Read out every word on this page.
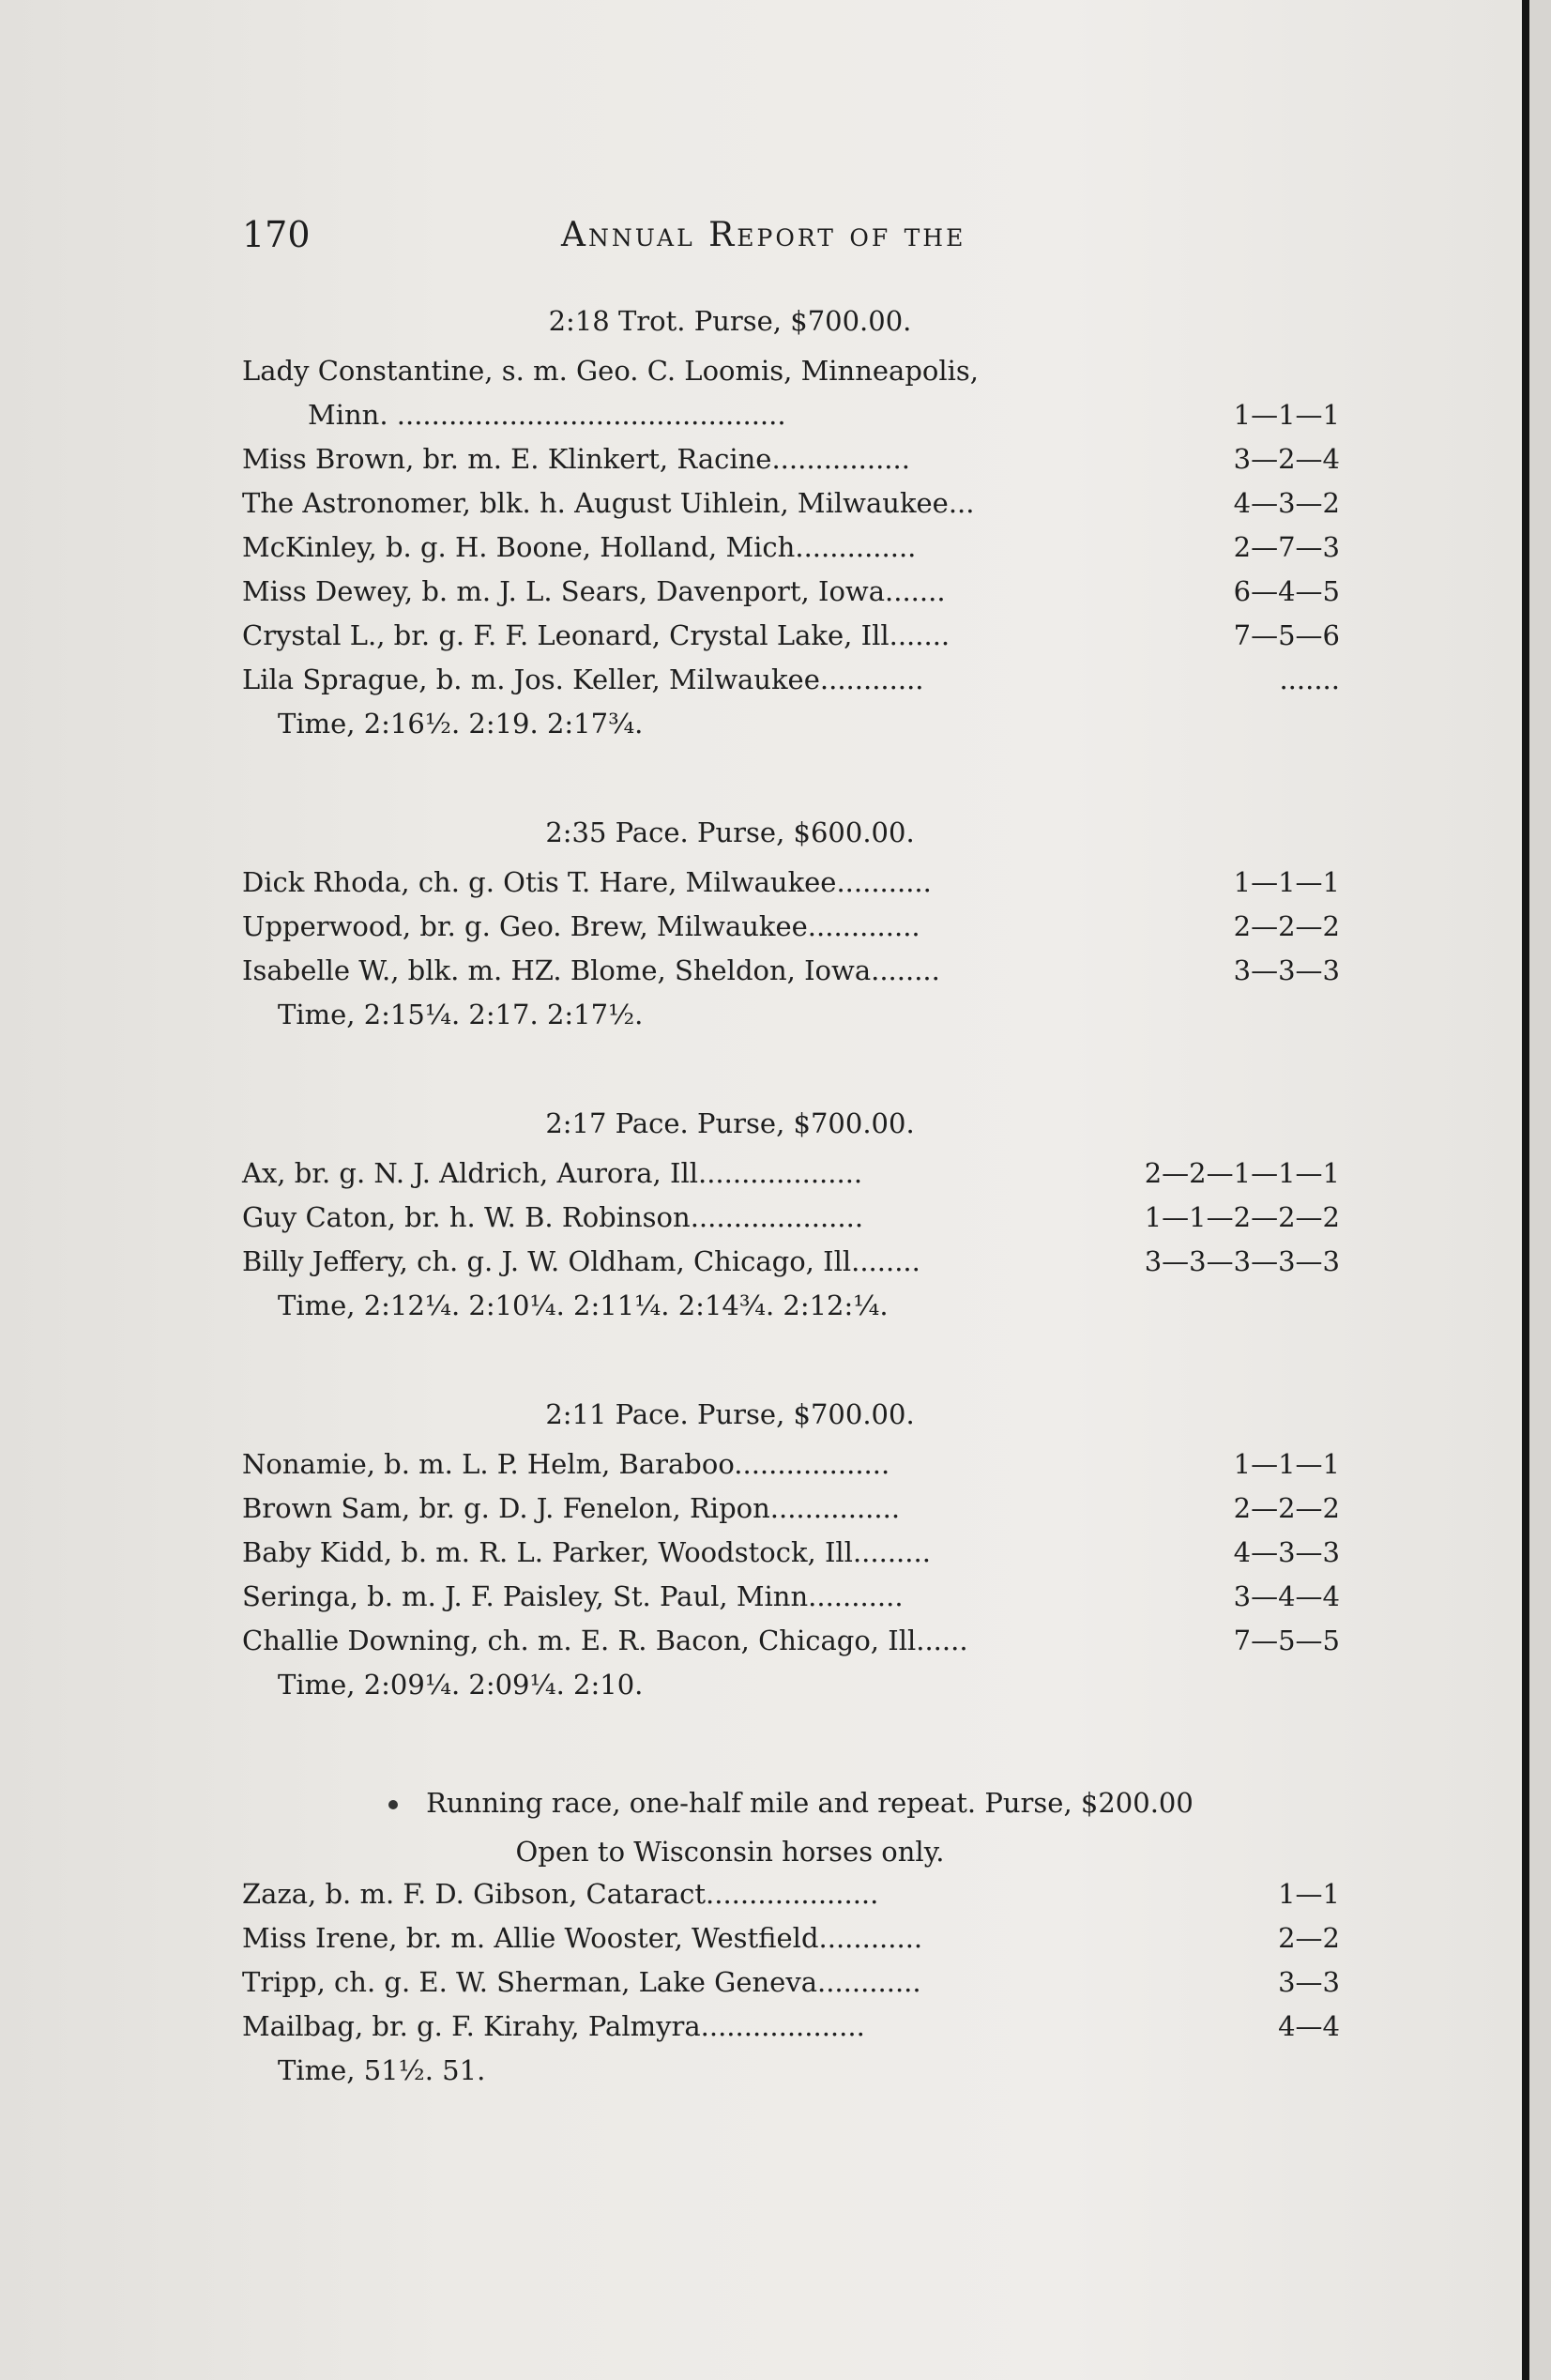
170	Annual Report of the
2:18 Trot. Purse, $700.00.
Lady Constantine, s. m. Geo. C. Loomis, Minneapolis,
Minn. .............................................	1—1—1
Miss Brown, br. m. E. Klinkert, Racine................	3—2—4
The Astronomer, blk. h. August Uihlein, Milwaukee...	4—3—2
McKinley, b. g. H. Boone, Holland, Mich..............	2—7—3
Miss Dewey, b. m. J. L. Sears, Davenport, Iowa.......	6—4—5
Crystal L., br. g. F. F. Leonard, Crystal Lake, Ill.......	7—5—6
Lila Sprague, b. m. Jos. Keller, Milwaukee............	.......
Time, 2:16½. 2:19. 2:17¾.
2:35 Pace. Purse, $600.00.
Dick Rhoda, ch. g. Otis T. Hare, Milwaukee...........	1—1—1
Upperwood, br. g. Geo. Brew, Milwaukee.............	2—2—2
Isabelle W., blk. m. HZ. Blome, Sheldon, Iowa........	3—3—3
Time, 2:15¼. 2:17. 2:17½.
2:17 Pace. Purse, $700.00.
Ax, br. g. N. J. Aldrich, Aurora, Ill...................	2—2—1—1—1
Guy Caton, br. h. W. B. Robinson....................	1—1—2—2—2
Billy Jeffery, ch. g. J. W. Oldham, Chicago, Ill........	3—3—3—3—3
Time, 2:12¼. 2:10¼. 2:11¼. 2:14¾. 2:12:¼.
2:11 Pace. Purse, $700.00.
Nonamie, b. m. L. P. Helm, Baraboo..................	1—1—1
Brown Sam, br. g. D. J. Fenelon, Ripon...............	2—2—2
Baby Kidd, b. m. R. L. Parker, Woodstock, Ill.........	4—3—3
Seringa, b. m. J. F. Paisley, St. Paul, Minn...........	3—4—4
Challie Downing, ch. m. E. R. Bacon, Chicago, Ill......	7—5—5
Time, 2:09¼. 2:09¼. 2:10.
Running race, one-half mile and repeat. Purse, $200.00
Open to Wisconsin horses only.
Zaza, b. m. F. D. Gibson, Cataract....................	1—1
Miss Irene, br. m. Allie Wooster, Westfield............	2—2
Tripp, ch. g. E. W. Sherman, Lake Geneva............	3—3
Mailbag, br. g. F. Kirahy, Palmyra...................	4—4
Time, 51½. 51.
